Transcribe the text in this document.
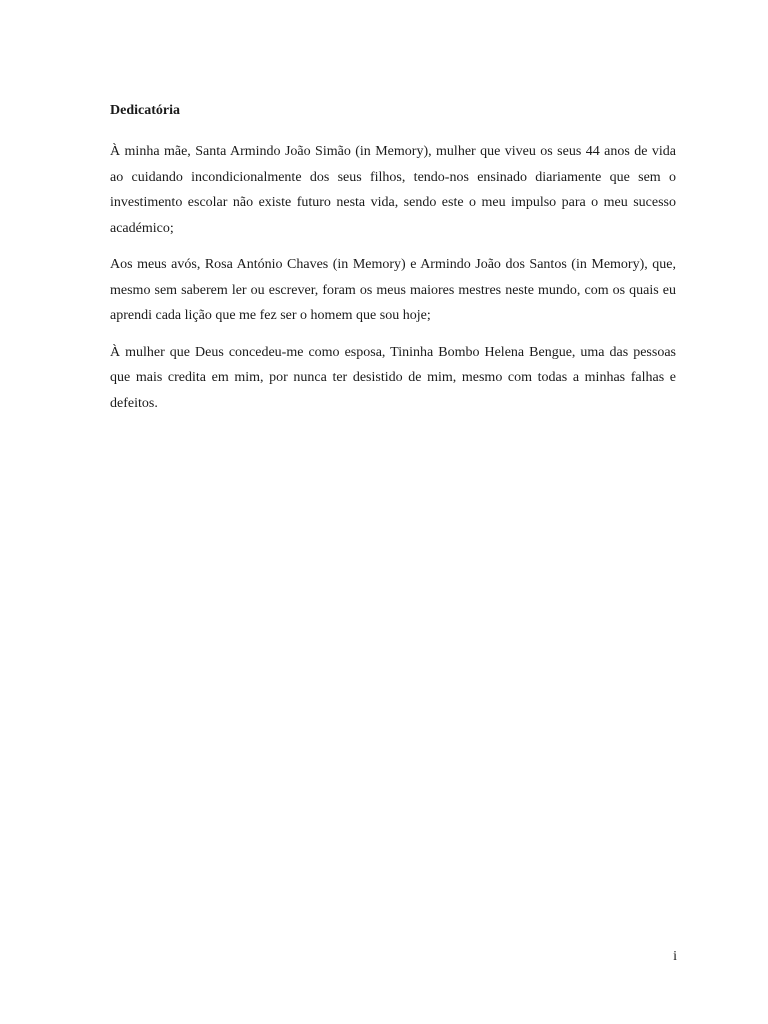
Dedicatória

À minha mãe, Santa Armindo João Simão (in Memory), mulher que viveu os seus 44 anos de vida ao cuidando incondicionalmente dos seus filhos, tendo-nos ensinado diariamente que sem o investimento escolar não existe futuro nesta vida, sendo este o meu impulso para o meu sucesso académico;

Aos meus avós, Rosa António Chaves (in Memory) e Armindo João dos Santos (in Memory), que, mesmo sem saberem ler ou escrever, foram os meus maiores mestres neste mundo, com os quais eu aprendi cada lição que me fez ser o homem que sou hoje;

À mulher que Deus concedeu-me como esposa, Tininha Bombo Helena Bengue, uma das pessoas que mais credita em mim, por nunca ter desistido de mim, mesmo com todas a minhas falhas e defeitos.

i
